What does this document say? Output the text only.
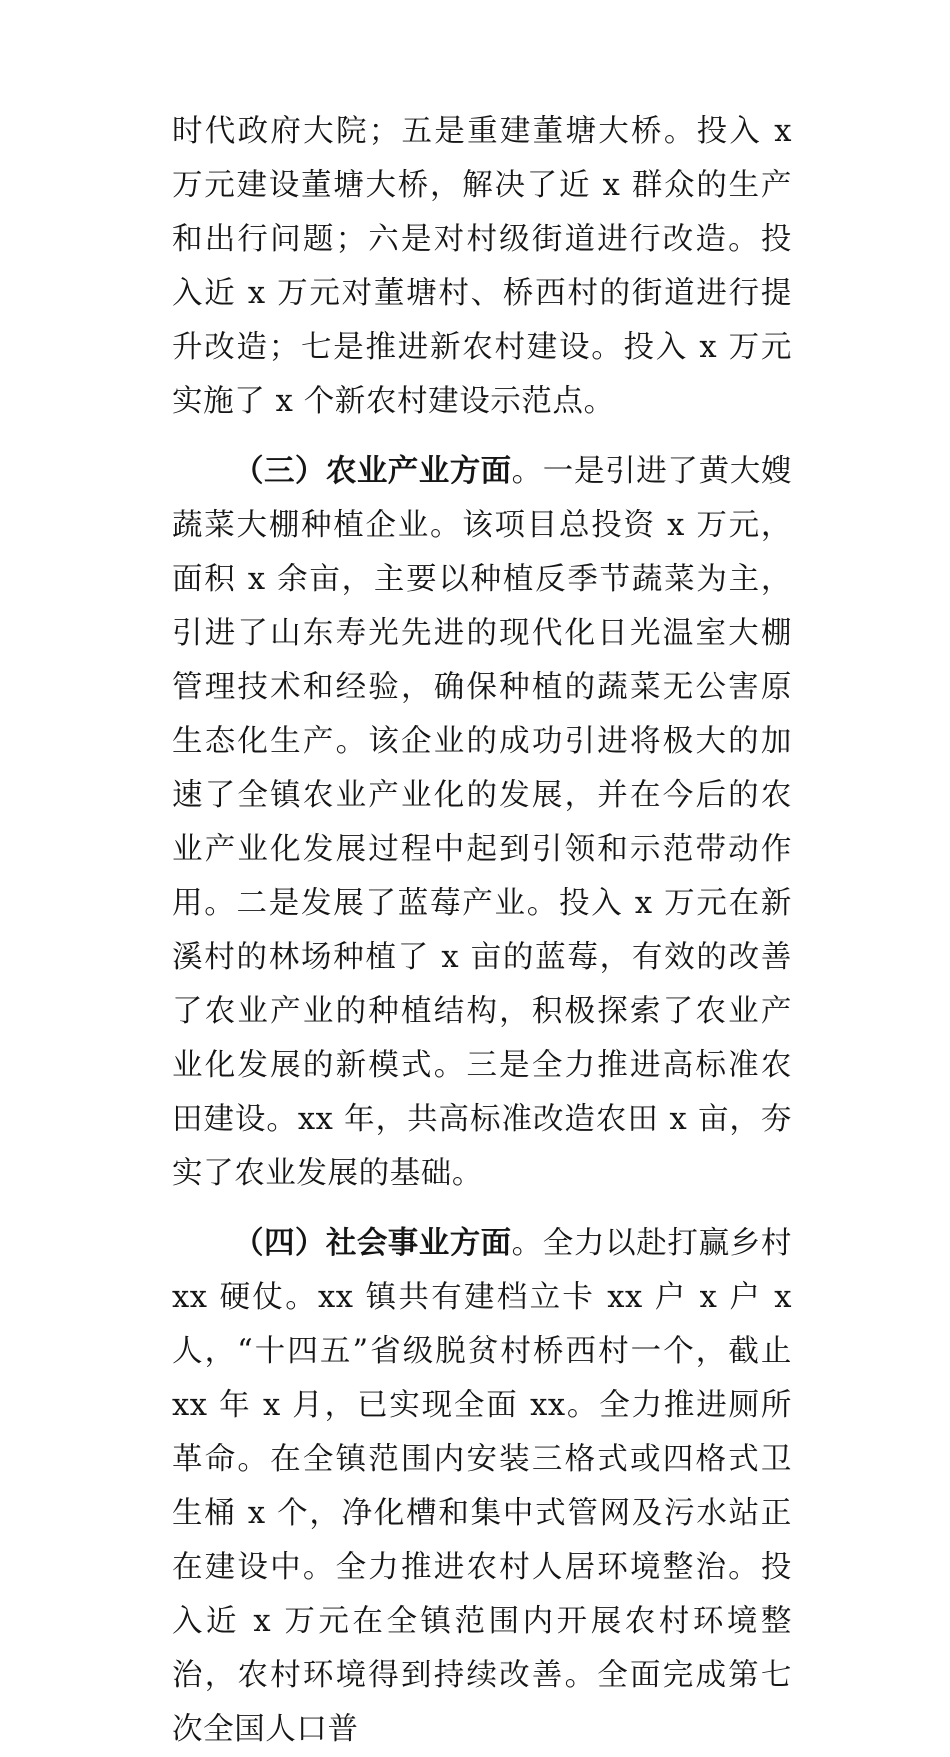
时代政府大院；五是重建董塘大桥。投入 x 万元建设董塘大桥，解决了近 x 群众的生产和出行问题；六是对村级街道进行改造。投入近 x 万元对董塘村、桥西村的街道进行提升改造；七是推进新农村建设。投入 x 万元实施了 x 个新农村建设示范点。

（三）农业产业方面。一是引进了黄大嫂蔬菜大棚种植企业。该项目总投资 x 万元，面积 x 余亩，主要以种植反季节蔬菜为主，引进了山东寿光先进的现代化日光温室大棚管理技术和经验，确保种植的蔬菜无公害原生态化生产。该企业的成功引进将极大的加速了全镇农业产业化的发展，并在今后的农业产业化发展过程中起到引领和示范带动作用。二是发展了蓝莓产业。投入 x 万元在新溪村的林场种植了 x 亩的蓝莓，有效的改善了农业产业的种植结构，积极探索了农业产业化发展的新模式。三是全力推进高标准农田建设。xx 年，共高标准改造农田 x 亩，夯实了农业发展的基础。

（四）社会事业方面。全力以赴打赢乡村 xx 硬仗。xx 镇共有建档立卡 xx 户 x 户 x 人，“十四五”省级脱贫村桥西村一个，截止 xx 年 x 月，已实现全面 xx。全力推进厕所革命。在全镇范围内安装三格式或四格式卫生桶 x 个，净化槽和集中式管网及污水站正在建设中。全力推进农村人居环境整治。投入近 x 万元在全镇范围内开展农村环境整治，农村环境得到持续改善。全面完成第七次全国人口普
